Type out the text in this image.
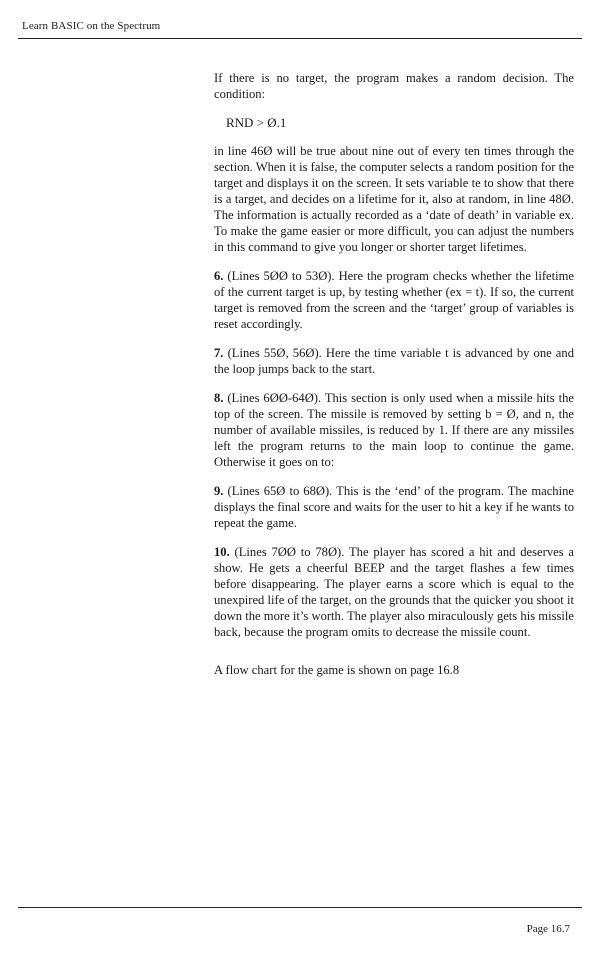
Learn BASIC on the Spectrum

If there is no target, the program makes a random decision. The condition:

RND > Ø.1

in line 46Ø will be true about nine out of every ten times through the section. When it is false, the computer selects a random position for the target and displays it on the screen. It sets variable te to show that there is a target, and decides on a lifetime for it, also at random, in line 48Ø. The information is actually recorded as a ‘date of death’ in variable ex. To make the game easier or more difficult, you can adjust the numbers in this command to give you longer or shorter target lifetimes.

6. (Lines 5ØØ to 53Ø). Here the program checks whether the lifetime of the current target is up, by testing whether (ex = t). If so, the current target is removed from the screen and the ‘target’ group of variables is reset accordingly.

7. (Lines 55Ø, 56Ø). Here the time variable t is advanced by one and the loop jumps back to the start.

8. (Lines 6ØØ-64Ø). This section is only used when a missile hits the top of the screen. The missile is removed by setting b = Ø, and n, the number of available missiles, is reduced by 1. If there are any missiles left the program returns to the main loop to continue the game. Otherwise it goes on to:

9. (Lines 65Ø to 68Ø). This is the ‘end’ of the program. The machine displays the final score and waits for the user to hit a key if he wants to repeat the game.

10. (Lines 7ØØ to 78Ø). The player has scored a hit and deserves a show. He gets a cheerful BEEP and the target flashes a few times before disappearing. The player earns a score which is equal to the unexpired life of the target, on the grounds that the quicker you shoot it down the more it’s worth. The player also miraculously gets his missile back, because the program omits to decrease the missile count.

A flow chart for the game is shown on page 16.8

Page 16.7
